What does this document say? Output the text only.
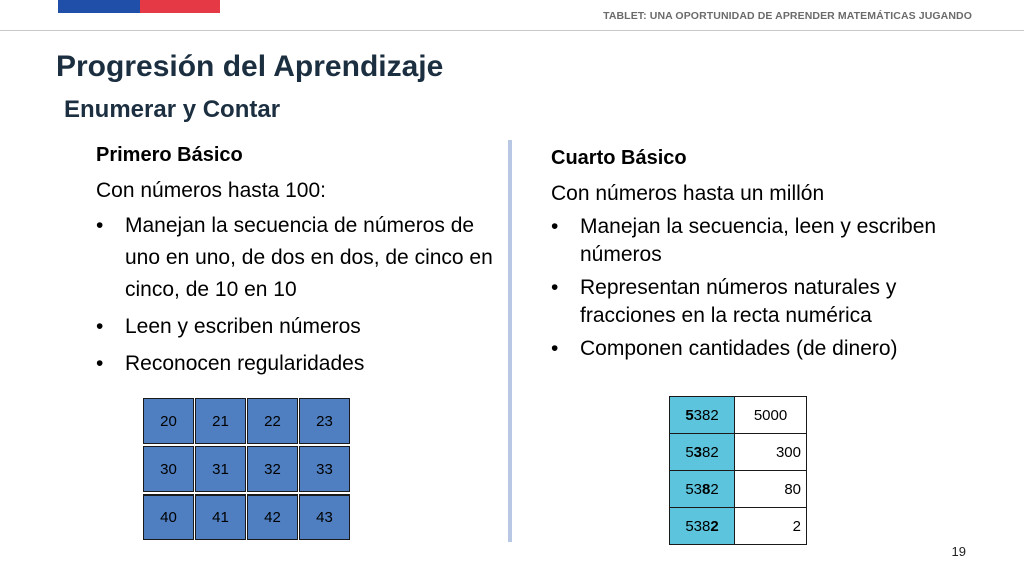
TABLET: UNA OPORTUNIDAD DE APRENDER MATEMÁTICAS JUGANDO
Progresión del Aprendizaje
Enumerar y Contar
Primero Básico
Con números hasta 100:
• Manejan la secuencia de números de uno en uno, de dos en dos, de cinco en cinco, de 10 en 10
• Leen y escriben números
• Reconocen regularidades
Cuarto Básico
Con números hasta un millón
• Manejan la secuencia, leen y escriben números
• Representan números naturales y fracciones en la recta numérica
• Componen cantidades (de dinero)
20	21	22	23
30	31	32	33
40	41	42	43
5382	5000
5382	300
5382	80
5382	2
19
